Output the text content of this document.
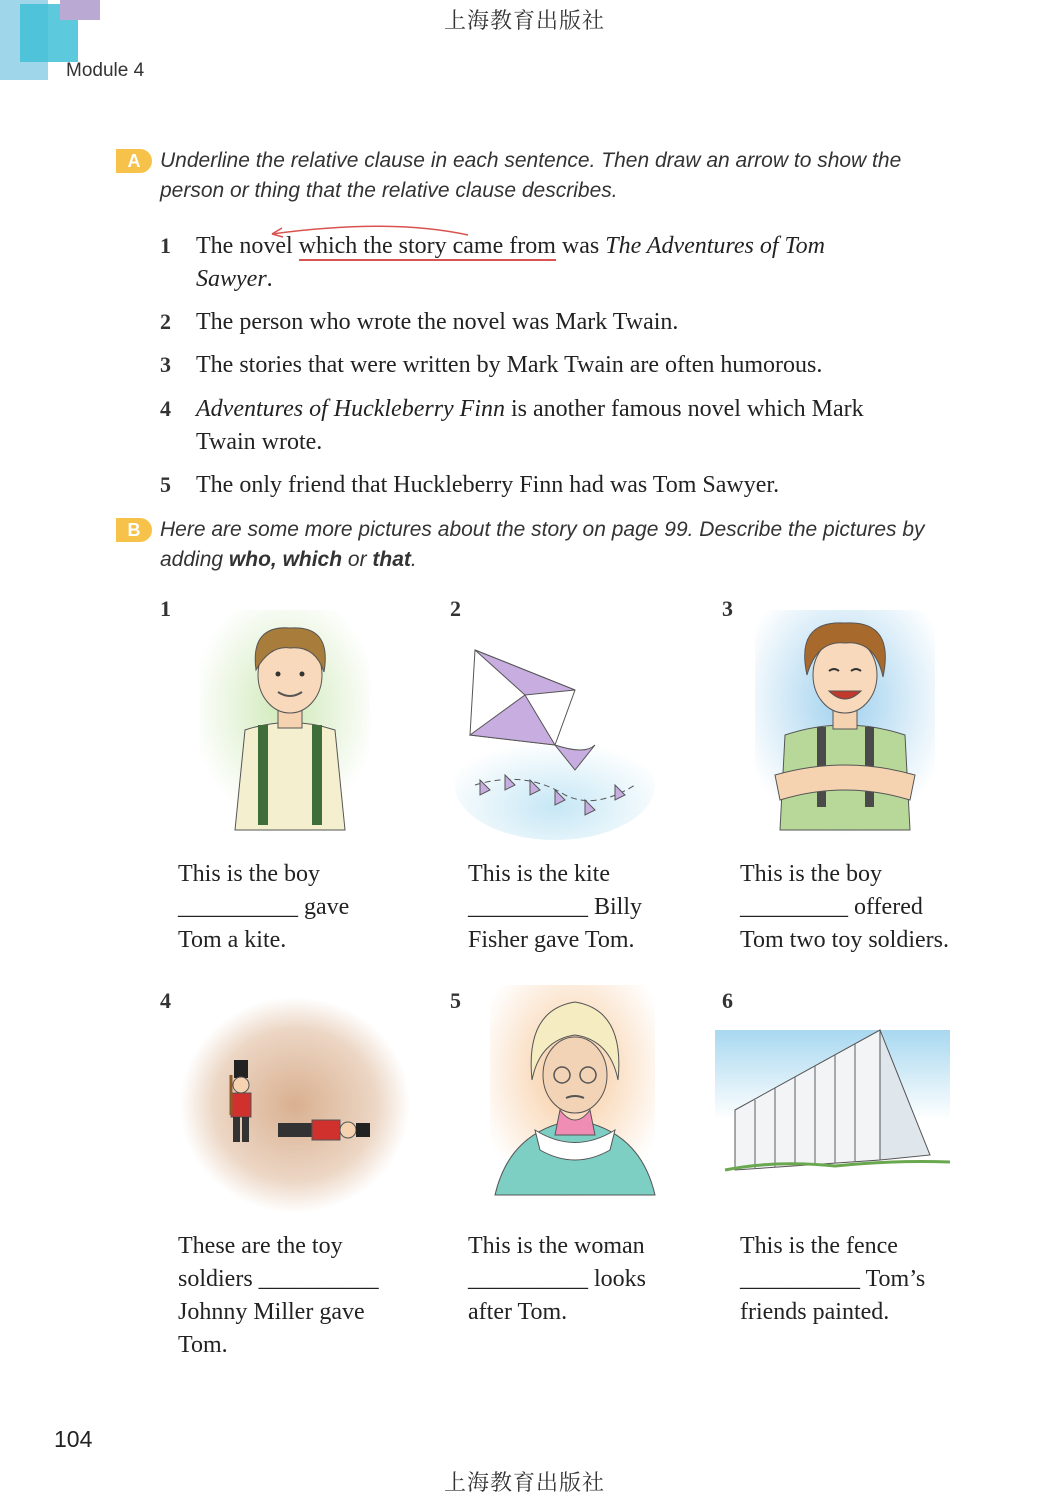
上海教育出版社
Module 4
A Underline the relative clause in each sentence. Then draw an arrow to show the
person or thing that the relative clause describes.
1 The novel which the story came from was The Adventures of Tom
Sawyer.
2 The person who wrote the novel was Mark Twain.
3 The stories that were written by Mark Twain are often humorous.
4 Adventures of Huckleberry Finn is another famous novel which Mark
Twain wrote.
5 The only friend that Huckleberry Finn had was Tom Sawyer.
B Here are some more pictures about the story on page 99. Describe the pictures by
adding who, which or that.
1
This is the boy
__________ gave
Tom a kite.
2
This is the kite
__________ Billy
Fisher gave Tom.
3
This is the boy
_________ offered
Tom two toy soldiers.
4
These are the toy
soldiers __________
Johnny Miller gave
Tom.
5
This is the woman
__________ looks
after Tom.
6
This is the fence
__________ Tom’s
friends painted.
104
上海教育出版社
